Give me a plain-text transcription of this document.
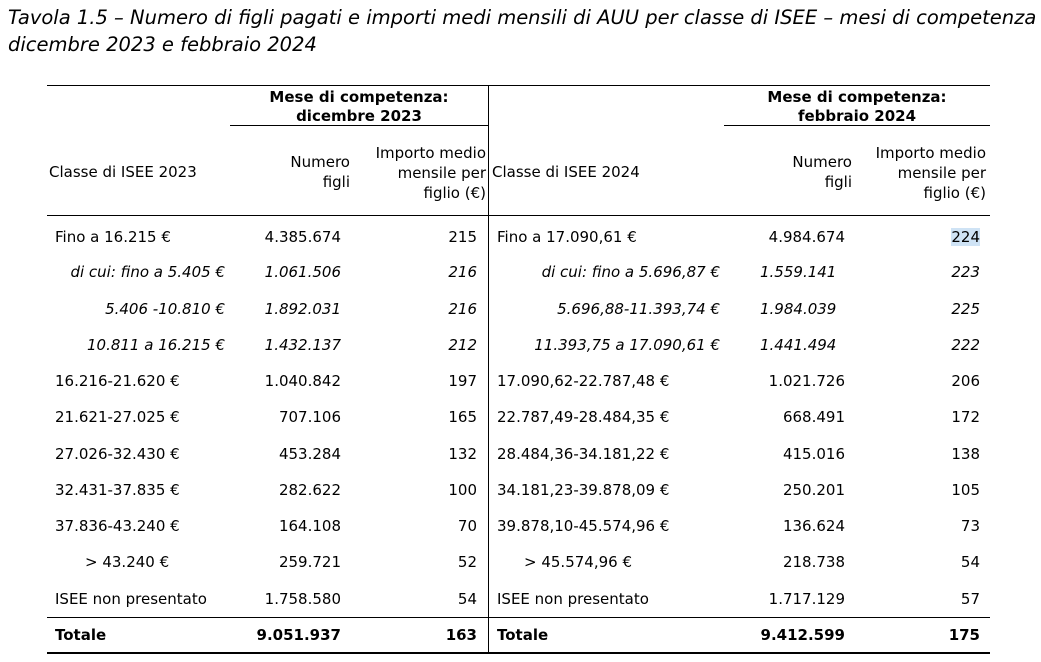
Tavola 1.5 – Numero di figli pagati e importi medi mensili di AUU per classe di ISEE – mesi di competenza dicembre 2023 e febbraio 2024
Mese di competenza:
dicembre 2023
Mese di competenza:
febbraio 2024
Classe di ISEE 2023
Numero
figli
Importo medio
mensile per
figlio (€)
Classe di ISEE 2024
Numero
figli
Importo medio
mensile per
figlio (€)
Fino a 16.215 €	4.385.674	215 Fino a 17.090,61 €	4.984.674	224
di cui: fino a 5.405 €	1.061.506	216	di cui: fino a 5.696,87 €	1.559.141	223
5.406 -10.810 €	1.892.031	216	5.696,88-11.393,74 €	1.984.039	225
10.811 a 16.215 €	1.432.137	212	11.393,75 a 17.090,61 €	1.441.494	222
16.216-21.620 €	1.040.842	197 17.090,62-22.787,48 €	1.021.726	206
21.621-27.025 €	707.106	165 22.787,49-28.484,35 €	668.491	172
27.026-32.430 €	453.284	132 28.484,36-34.181,22 €	415.016	138
32.431-37.835 €	282.622	100 34.181,23-39.878,09 €	250.201	105
37.836-43.240 €	164.108	70 39.878,10-45.574,96 €	136.624	73
> 43.240 €	259.721	52	> 45.574,96 €	218.738	54
ISEE non presentato	1.758.580	54 ISEE non presentato	1.717.129	57
Totale	9.051.937	163 Totale	9.412.599	175
